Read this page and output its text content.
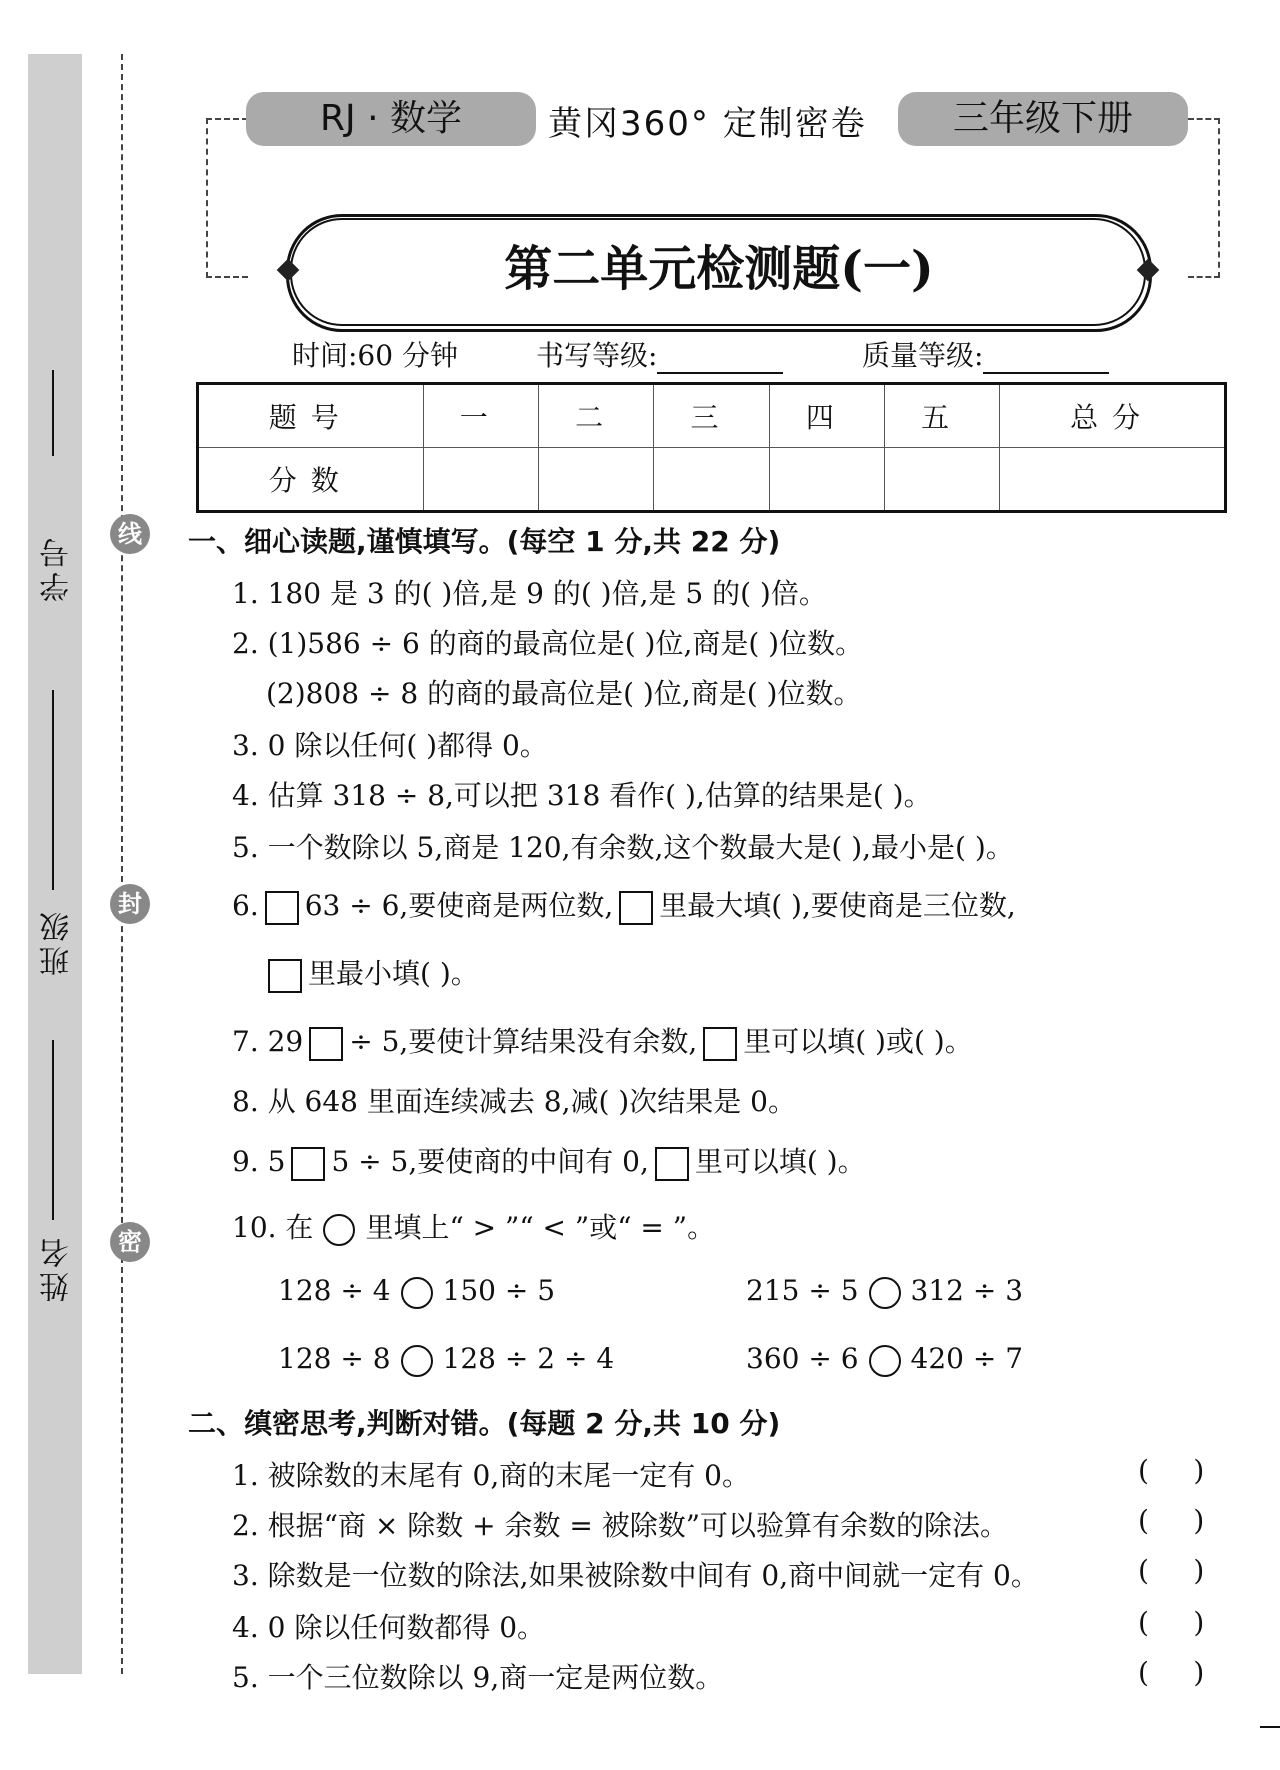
学号
班级
姓名
线
封
密
RJ · 数学	黄冈360° 定制密卷	三年级下册
第二单元检测题(一)
时间:60 分钟	书写等级:	质量等级:
题号	一	二	三	四	五	总分
分数						
一、细心读题,谨慎填写。(每空 1 分,共 22 分)
1. 180 是 3 的( )倍,是 9 的( )倍,是 5 的( )倍。
2. (1)586 ÷ 6 的商的最高位是( )位,商是( )位数。
(2)808 ÷ 8 的商的最高位是( )位,商是( )位数。
3. 0 除以任何( )都得 0。
4. 估算 318 ÷ 8,可以把 318 看作( ),估算的结果是( )。
5. 一个数除以 5,商是 120,有余数,这个数最大是( ),最小是( )。
6. 63 ÷ 6,要使商是两位数, 里最大填( ),要使商是三位数,
里最小填( )。
7. 29 ÷ 5,要使计算结果没有余数, 里可以填( )或( )。
8. 从 648 里面连续减去 8,减( )次结果是 0。
9. 5 5 ÷ 5,要使商的中间有 0, 里可以填( )。
10. 在 里填上“ > ”“ < ”或“ = ”。
128 ÷ 4 150 ÷ 5	215 ÷ 5 312 ÷ 3
128 ÷ 8 128 ÷ 2 ÷ 4	360 ÷ 6 420 ÷ 7
二、缜密思考,判断对错。(每题 2 分,共 10 分)
1. 被除数的末尾有 0,商的末尾一定有 0。	(     )
2. 根据“商 × 除数 + 余数 = 被除数”可以验算有余数的除法。	(     )
3. 除数是一位数的除法,如果被除数中间有 0,商中间就一定有 0。	(     )
4. 0 除以任何数都得 0。	(     )
5. 一个三位数除以 9,商一定是两位数。	(     )
